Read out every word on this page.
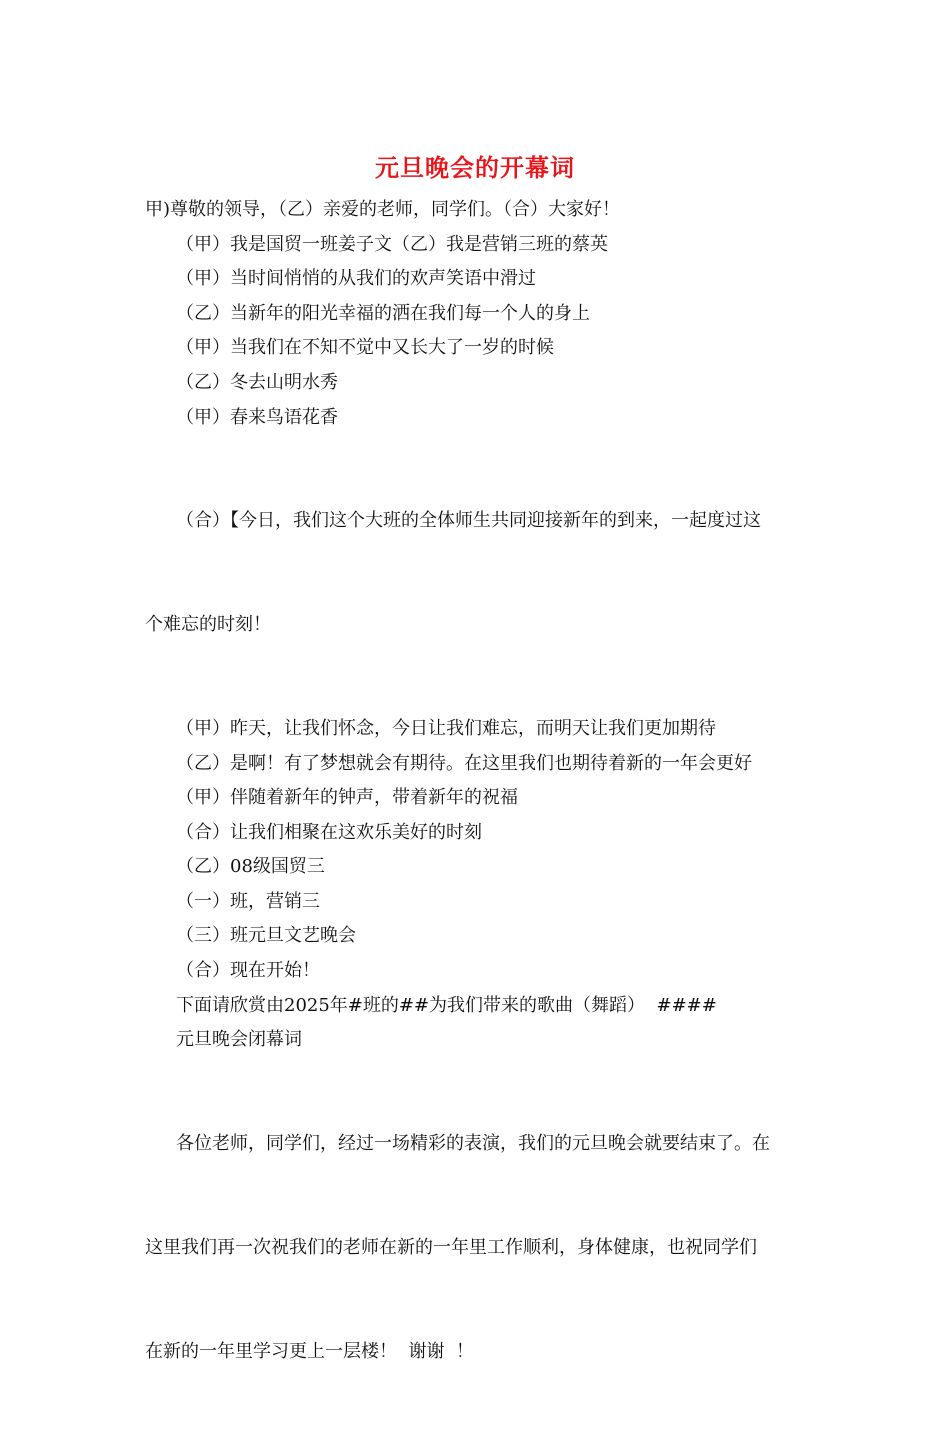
元旦晚会的开幕词

甲)尊敬的领导，（乙）亲爱的老师，同学们。（合）大家好！

（甲）我是国贸一班姜子文（乙）我是营销三班的蔡英

（甲）当时间悄悄的从我们的欢声笑语中滑过

（乙）当新年的阳光幸福的洒在我们每一个人的身上

（甲）当我们在不知不觉中又长大了一岁的时候

（乙）冬去山明水秀

（甲）春来鸟语花香

（合）【今日，我们这个大班的全体师生共同迎接新年的到来，一起度过这

个难忘的时刻！

（甲）昨天，让我们怀念，今日让我们难忘，而明天让我们更加期待

（乙）是啊！有了梦想就会有期待。在这里我们也期待着新的一年会更好

（甲）伴随着新年的钟声，带着新年的祝福

（合）让我们相聚在这欢乐美好的时刻

（乙）08级国贸三

（一）班，营销三

（三）班元旦文艺晚会

（合）现在开始！

下面请欣赏由2025年#班的##为我们带来的歌曲（舞蹈）  ####

元旦晚会闭幕词

各位老师，同学们，经过一场精彩的表演，我们的元旦晚会就要结束了。在

这里我们再一次祝我们的老师在新的一年里工作顺利，身体健康，也祝同学们

在新的一年里学习更上一层楼！  谢谢  ！
